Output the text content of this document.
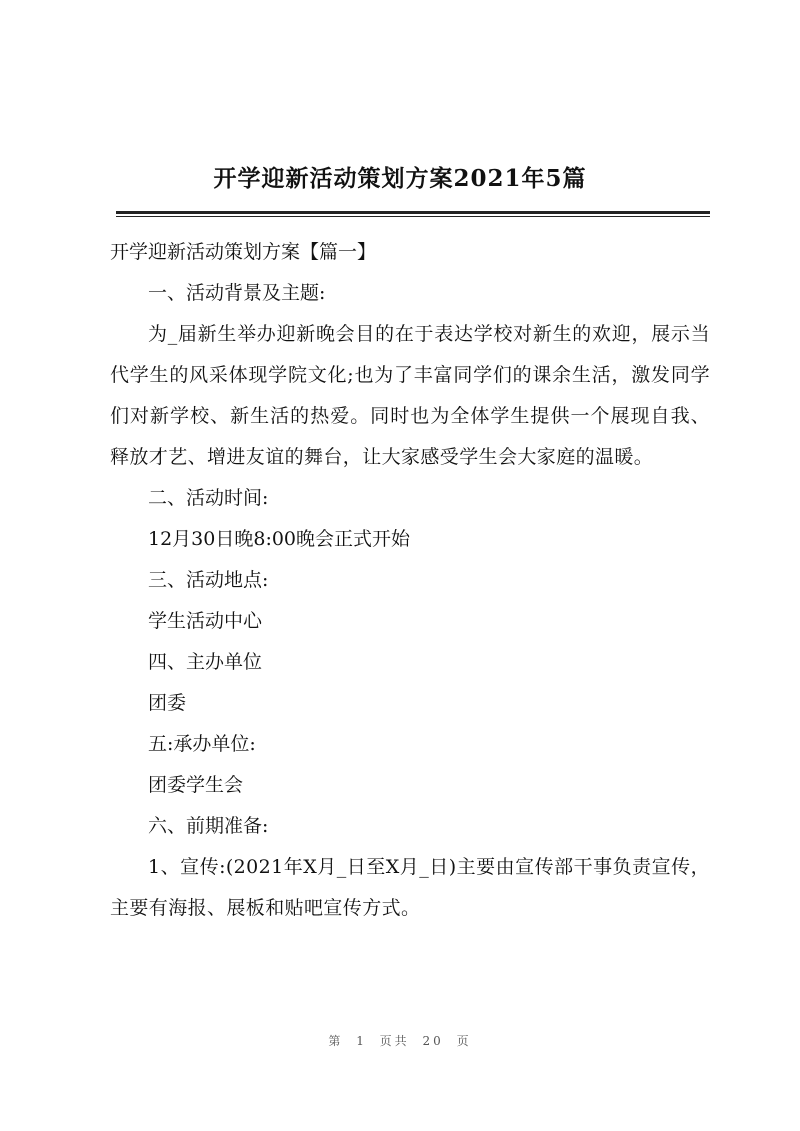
开学迎新活动策划方案2021年5篇

开学迎新活动策划方案【篇一】

一、活动背景及主题:

为_届新生举办迎新晚会目的在于表达学校对新生的欢迎，展示当代学生的风采体现学院文化;也为了丰富同学们的课余生活，激发同学们对新学校、新生活的热爱。同时也为全体学生提供一个展现自我、释放才艺、增进友谊的舞台，让大家感受学生会大家庭的温暖。

二、活动时间:

12月30日晚8:00晚会正式开始

三、活动地点:

学生活动中心

四、主办单位

团委

五:承办单位:

团委学生会

六、前期准备:

1、宣传:(2021年X月_日至X月_日)主要由宣传部干事负责宣传，主要有海报、展板和贴吧宣传方式。

第 1 页共 20 页
